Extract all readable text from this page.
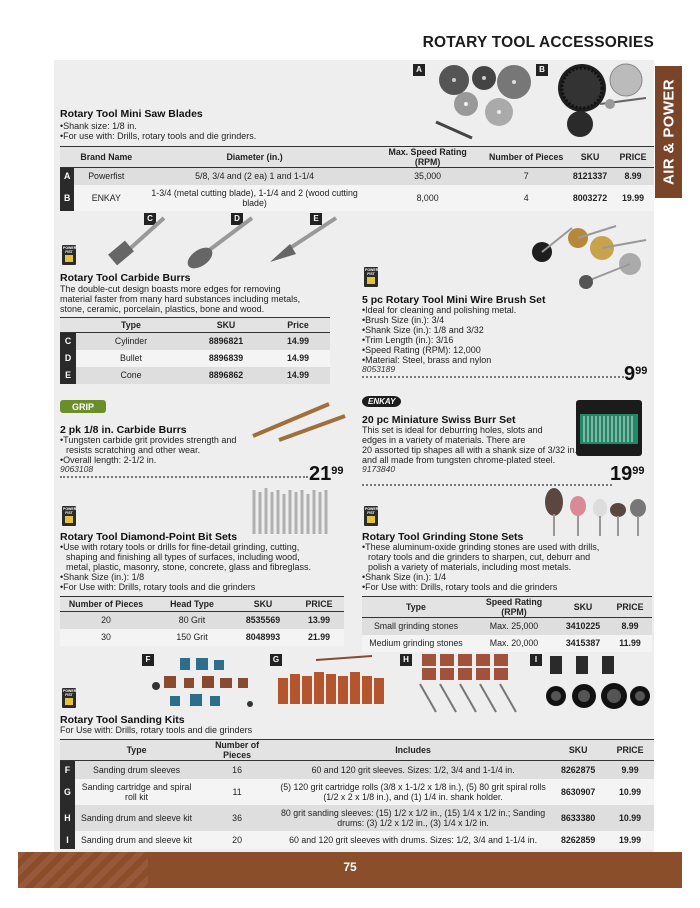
ROTARY TOOL ACCESSORIES
AIR & POWER
A	B
Rotary Tool Mini Saw Blades
•Shank size: 1/8 in.
•For use with: Drills, rotary tools and die grinders.
	Brand Name	Diameter (in.)	Max. Speed Rating (RPM)	Number of Pieces	SKU	PRICE
A	Powerfist	5/8, 3/4 and (2 ea) 1 and 1-1/4	35,000	7	8121337	8.99
B	ENKAY	1-3/4 (metal cutting blade), 1-1/4 and 2 (wood cutting blade)	8,000	4	8003272	19.99
C	D	E
POWER FIST
Rotary Tool Carbide Burrs
The double-cut design boasts more edges for removing material faster from many hard substances including metals, stone, ceramic, porcelain, plastics, bone and wood.
	Type	SKU	Price
C	Cylinder	8896821	14.99
D	Bullet	8896839	14.99
E	Cone	8896862	14.99
POWER FIST
5 pc Rotary Tool Mini Wire Brush Set
•Ideal for cleaning and polishing metal.
•Brush Size (in.): 3/4
•Shank Size (in.): 1/8 and 3/32
•Trim Length (in.): 3/16
•Speed Rating (RPM): 12,000
•Material: Steel, brass and nylon
8053189	$9^{99}$
GRIP
2 pk 1/8 in. Carbide Burrs
•Tungsten carbide grit provides strength and
resists scratching and other wear.
•Overall length: 2-1/2 in.
9063108	$21^{99}$
ENKAY
20 pc Miniature Swiss Burr Set
This set is ideal for deburring holes, slots and
edges in a variety of materials. There are
20 assorted tip shapes all with a shank size of 3/32 in.
and all made from tungsten chrome-plated steel.
9173840	$19^{99}$
POWER FIST
Rotary Tool Diamond-Point Bit Sets
•Use with rotary tools or drills for fine-detail grinding, cutting,
shaping and finishing all types of surfaces, including wood,
metal, plastic, masonry, stone, concrete, glass and fibreglass.
•Shank Size (in.): 1/8
•For Use with: Drills, rotary tools and die grinders
Number of Pieces	Head Type	SKU	PRICE
20	80 Grit	8535569	13.99
30	150 Grit	8048993	21.99
POWER FIST
Rotary Tool Grinding Stone Sets
•These aluminum-oxide grinding stones are used with drills,
rotary tools and die grinders to sharpen, cut, deburr and
polish a variety of materials, including most metals.
•Shank Size (in.): 1/4
•For Use with: Drills, rotary tools and die grinders
Type	Speed Rating (RPM)	SKU	PRICE
Small grinding stones	Max. 25,000	3410225	8.99
Medium grinding stones	Max. 20,000	3415387	11.99
F	G	H	I
POWER FIST
Rotary Tool Sanding Kits
For Use with: Drills, rotary tools and die grinders
	Type	Number of Pieces	Includes	SKU	PRICE
F	Sanding drum sleeves	16	60 and 120 grit sleeves. Sizes: 1/2, 3/4 and 1-1/4 in.	8262875	9.99
G	Sanding cartridge and spiral roll kit	11	(5) 120 grit cartridge rolls (3/8 x 1-1/2 x 1/8 in.), (5) 80 grit spiral rolls (1/2 x 2 x 1/8 in.), and (1) 1/4 in. shank holder.	8630907	10.99
H	Sanding drum and sleeve kit	36	80 grit sanding sleeves: (15) 1/2 x 1/2 in., (15) 1/4 x 1/2 in.; Sanding drums: (3) 1/2 x 1/2 in., (3) 1/4 x 1/2 in.	8633380	10.99
I	Sanding drum and sleeve kit	20	60 and 120 grit sleeves with drums. Sizes: 1/2, 3/4 and 1-1/4 in.	8262859	19.99
75
